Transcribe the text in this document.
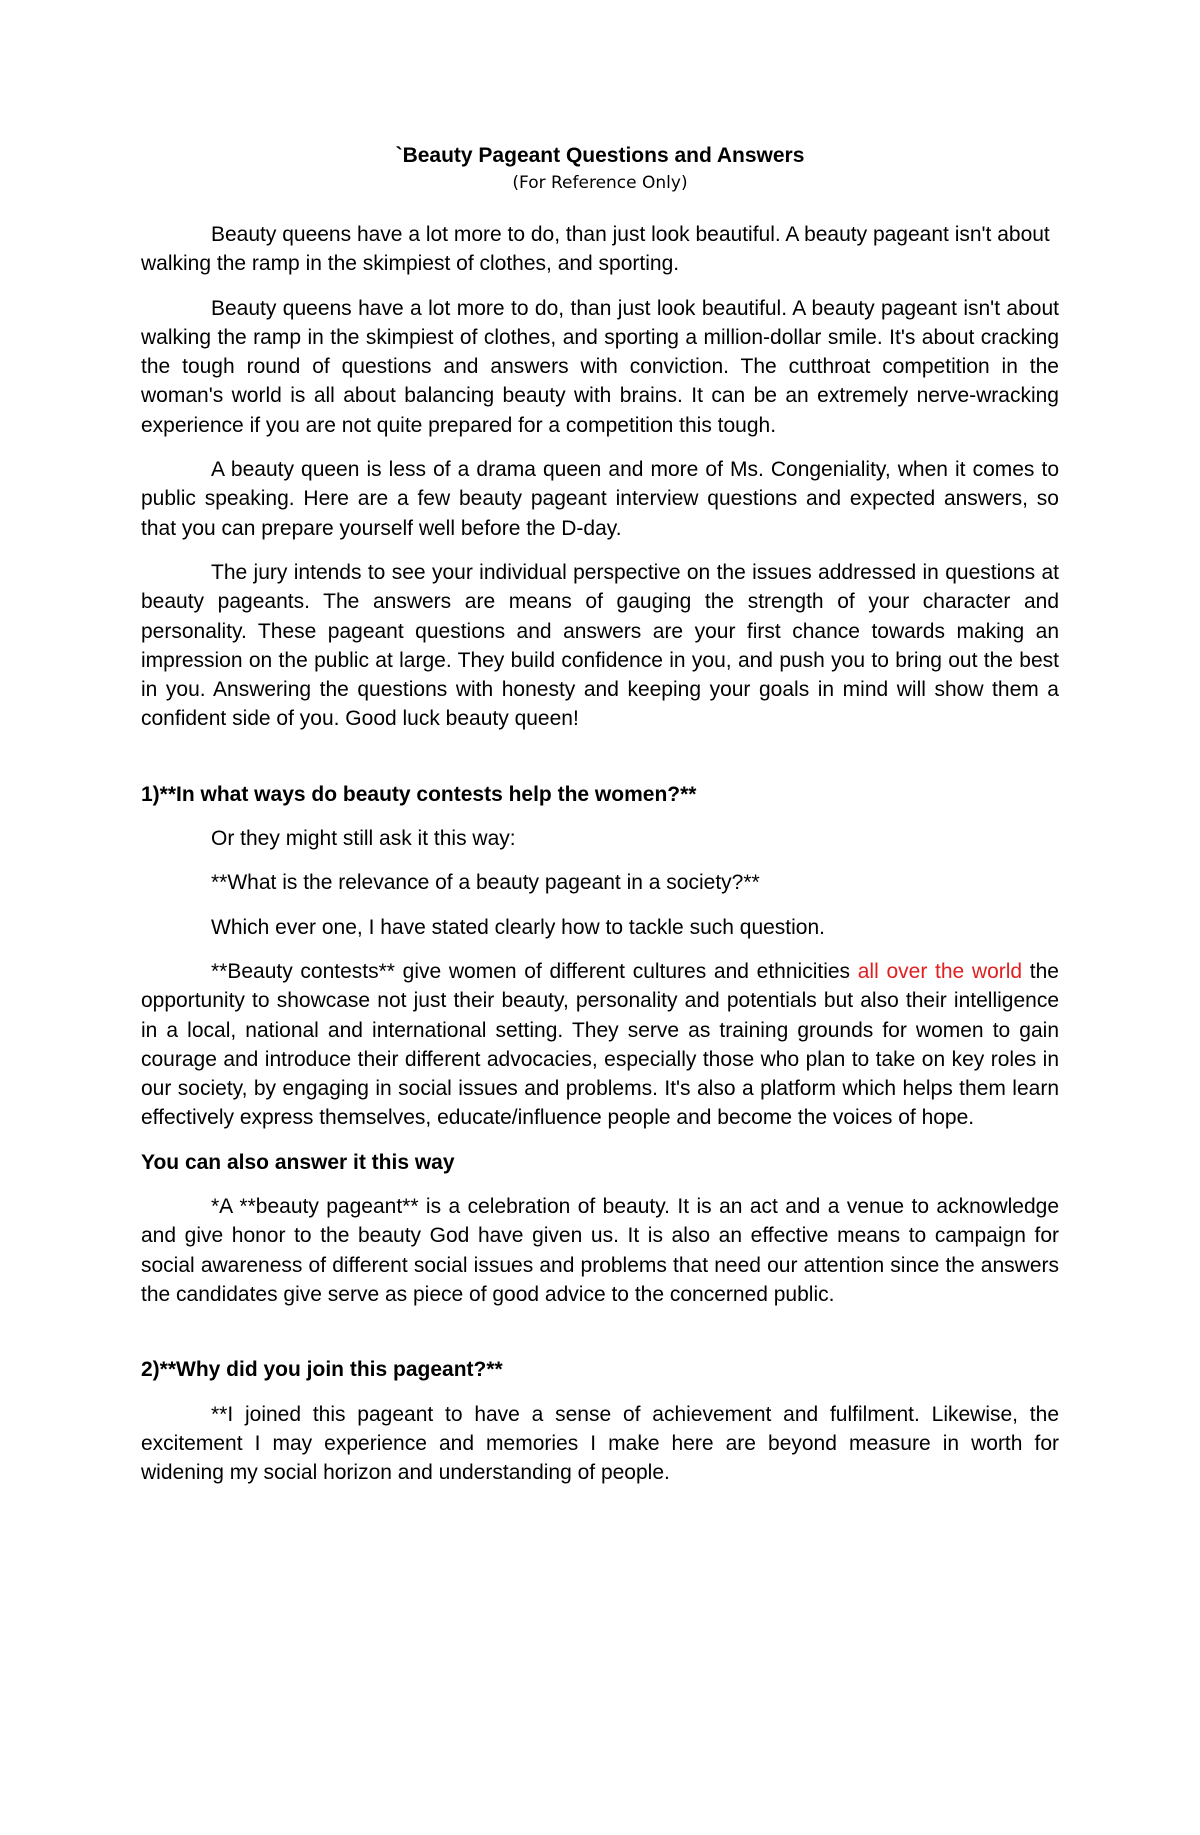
`Beauty Pageant Questions and Answers
(For Reference Only)

Beauty queens have a lot more to do, than just look beautiful. A beauty pageant isn't about walking the ramp in the skimpiest of clothes, and sporting.

Beauty queens have a lot more to do, than just look beautiful. A beauty pageant isn't about walking the ramp in the skimpiest of clothes, and sporting a million-dollar smile. It's about cracking the tough round of questions and answers with conviction. The cutthroat competition in the woman's world is all about balancing beauty with brains. It can be an extremely nerve-wracking experience if you are not quite prepared for a competition this tough.

A beauty queen is less of a drama queen and more of Ms. Congeniality, when it comes to public speaking. Here are a few beauty pageant interview questions and expected answers, so that you can prepare yourself well before the D-day.

The jury intends to see your individual perspective on the issues addressed in questions at beauty pageants. The answers are means of gauging the strength of your character and personality. These pageant questions and answers are your first chance towards making an impression on the public at large. They build confidence in you, and push you to bring out the best in you. Answering the questions with honesty and keeping your goals in mind will show them a confident side of you. Good luck beauty queen!

1)**In what ways do beauty contests help the women?**

Or they might still ask it this way:

**What is the relevance of a beauty pageant in a society?**

Which ever one, I have stated clearly how to tackle such question.

**Beauty contests** give women of different cultures and ethnicities all over the world the opportunity to showcase not just their beauty, personality and potentials but also their intelligence in a local, national and international setting. They serve as training grounds for women to gain courage and introduce their different advocacies, especially those who plan to take on key roles in our society, by engaging in social issues and problems. It's also a platform which helps them learn effectively express themselves, educate/influence people and become the voices of hope.

You can also answer it this way

*A **beauty pageant** is a celebration of beauty. It is an act and a venue to acknowledge and give honor to the beauty God have given us. It is also an effective means to campaign for social awareness of different social issues and problems that need our attention since the answers the candidates give serve as piece of good advice to the concerned public.

2)**Why did you join this pageant?**

**I joined this pageant to have a sense of achievement and fulfilment. Likewise, the excitement I may experience and memories I make here are beyond measure in worth for widening my social horizon and understanding of people.
